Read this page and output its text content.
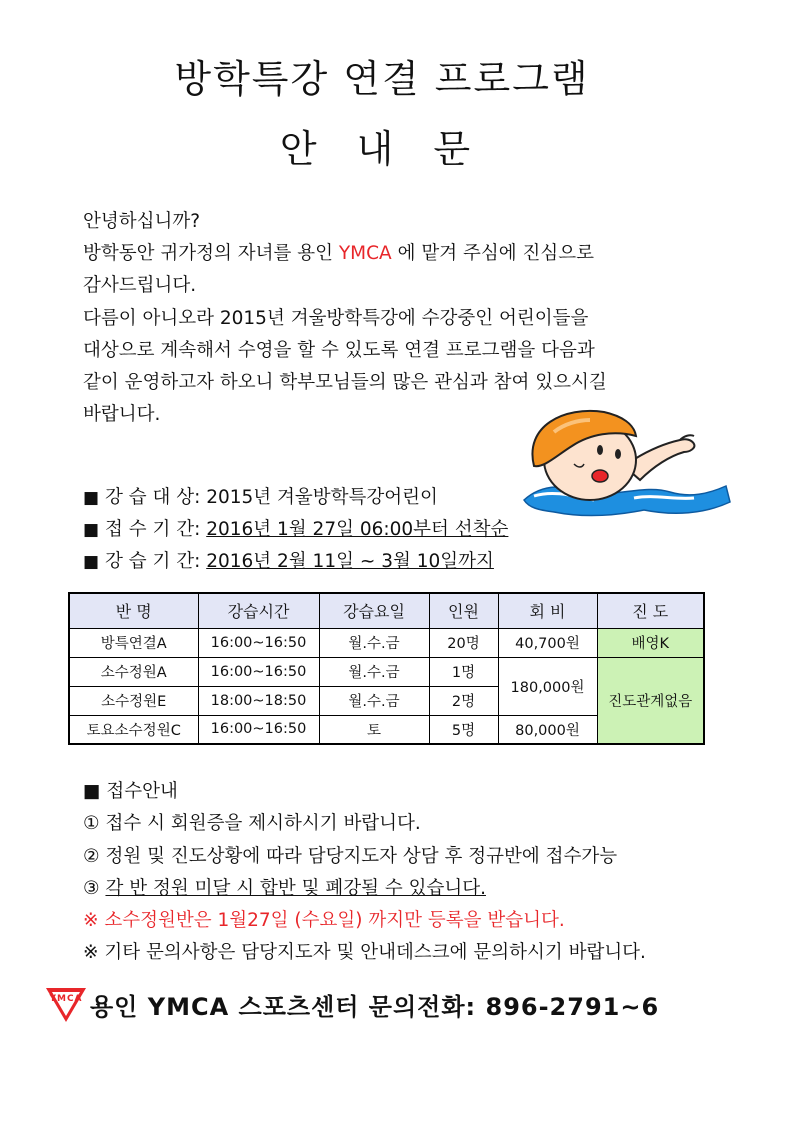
방학특강 연결 프로그램
안 내 문
안녕하십니까?
방학동안 귀가정의 자녀를 용인 YMCA 에 맡겨 주심에 진심으로
감사드립니다.
다름이 아니오라 2015년 겨울방학특강에 수강중인 어린이들을
대상으로 계속해서 수영을 할 수 있도록 연결 프로그램을 다음과
같이 운영하고자 하오니 학부모님들의 많은 관심과 참여 있으시길
바랍니다.
■ 강 습 대 상: 2015년 겨울방학특강어린이
■ 접 수 기 간: 2016년 1월 27일 06:00부터 선착순
■ 강 습 기 간: 2016년 2월 11일 ~ 3월 10일까지
반 명	강습시간	강습요일	인원	회 비	진 도
방특연결A	16:00~16:50	월.수.금	20명	40,700원	배영K
소수정원A	16:00~16:50	월.수.금	1명	180,000원	진도관계없음
소수정원E	18:00~18:50	월.수.금	2명		
토요소수정원C	16:00~16:50	토	5명	80,000원	
■ 접수안내
① 접수 시 회원증을 제시하시기 바랍니다.
② 정원 및 진도상황에 따라 담당지도자 상담 후 정규반에 접수가능
③ 각 반 정원 미달 시 합반 및 폐강될 수 있습니다.
※ 소수정원반은 1월27일 (수요일) 까지만 등록을 받습니다.
※ 기타 문의사항은 담당지도자 및 안내데스크에 문의하시기 바랍니다.
YMCA 용인 YMCA 스포츠센터 문의전화: 896-2791~6
